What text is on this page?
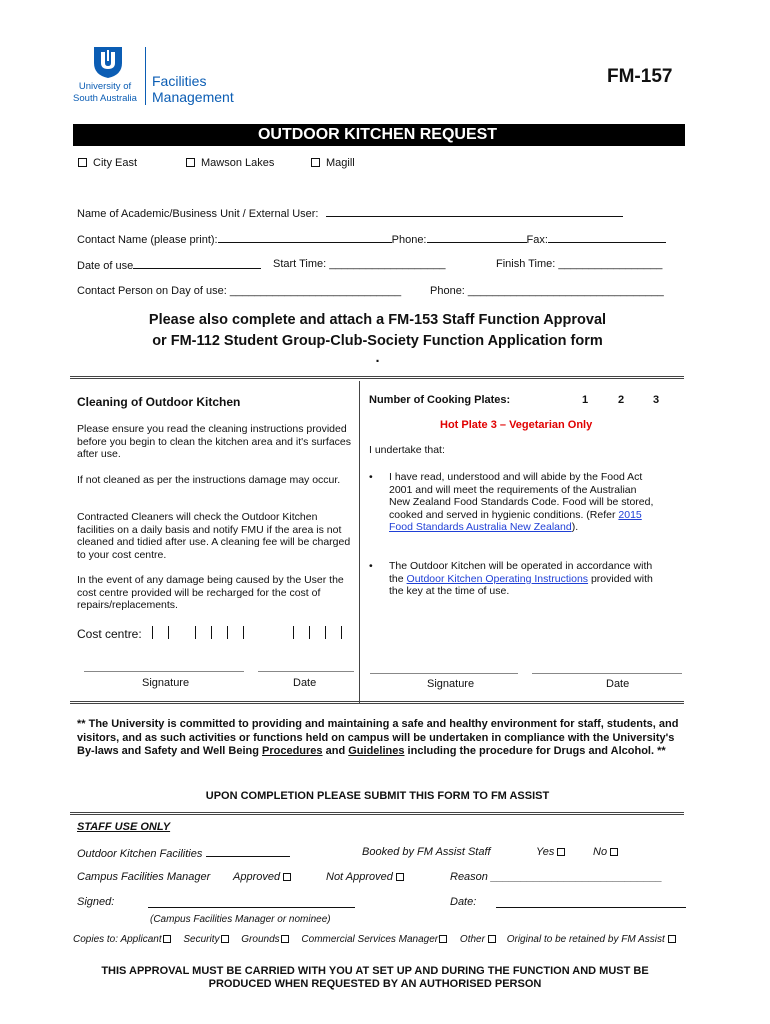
University of
South Australia
Facilities
Management
FM-157
OUTDOOR KITCHEN REQUEST
City East	Mawson Lakes	Magill
Name of Academic/Business Unit / External User:
Contact Name (please print):	Phone:	Fax:
Date of use	Start Time: ___________________	Finish Time: _________________
Contact Person on Day of use: ____________________________	Phone: ________________________________
Please also complete and attach a FM-153 Staff Function Approval
or FM-112 Student Group-Club-Society Function Application form
.
Cleaning of Outdoor Kitchen
Please ensure you read the cleaning instructions provided before you begin to clean the kitchen area and it's surfaces after use.
If not cleaned as per the instructions damage may occur.
Contracted Cleaners will check the Outdoor Kitchen facilities on a daily basis and notify FMU if the area is not cleaned and tidied after use. A cleaning fee will be charged to your cost centre.
In the event of any damage being caused by the User the cost centre provided will be recharged for the cost of repairs/replacements.
Cost centre:
Signature	Date
Number of Cooking Plates:	1	2	3
Hot Plate 3 – Vegetarian Only
I undertake that:
• I have read, understood and will abide by the Food Act 2001 and will meet the requirements of the Australian New Zealand Food Standards Code. Food will be stored, cooked and served in hygienic conditions. (Refer 2015 Food Standards Australia New Zealand).
• The Outdoor Kitchen will be operated in accordance with the Outdoor Kitchen Operating Instructions provided with the key at the time of use.
Signature	Date
** The University is committed to providing and maintaining a safe and healthy environment for staff, students, and visitors, and as such activities or functions held on campus will be undertaken in compliance with the University's By-laws and Safety and Well Being Procedures and Guidelines including the procedure for Drugs and Alcohol. **
UPON COMPLETION PLEASE SUBMIT THIS FORM TO FM ASSIST
STAFF USE ONLY
Outdoor Kitchen Facilities	Booked by FM Assist Staff	Yes	No
Campus Facilities Manager Approved	Not Approved	Reason ____________________________
Signed:	Date:
(Campus Facilities Manager or nominee)
Copies to: Applicant Security Grounds Commercial Services Manager Other Original to be retained by FM Assist
THIS APPROVAL MUST BE CARRIED WITH YOU AT SET UP AND DURING THE FUNCTION AND MUST BE
PRODUCED WHEN REQUESTED BY AN AUTHORISED PERSON
